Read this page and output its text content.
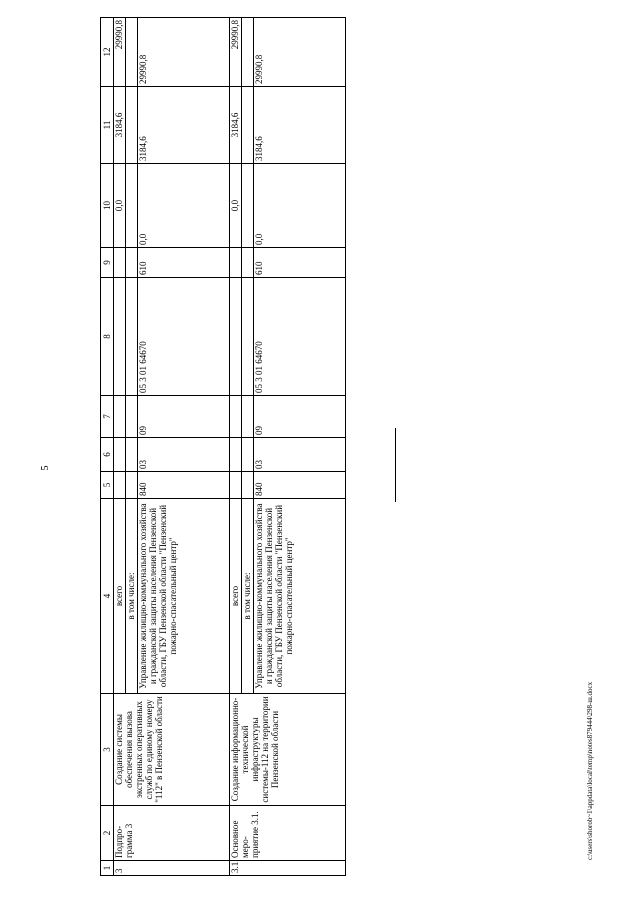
5
1	2	3	4	5	6	7	8	9	10	11	12
3	Подпро-грамма 3	Создание системы обеспечения вызова экстренных оперативных служб по единому номеру "112" в Пензенской области	всего						0,0	3184,6	29990,8
			в том числе:								
			Управление жилищно-коммунального хозяйства и гражданской защиты населения Пензенской области, ГБУ Пензенской области "Пензенский пожарно-спасательный центр"	840	03	09	05 3 01 64670	610	0,0	3184,6	29990,8
3.1.	Основное меро-приятие 3.1.	Создание информационно-технической инфраструктуры системы-112 на территории Пензенской области	всего						0,0	3184,6	29990,8
			в том числе:								
			Управление жилищно-коммунального хозяйства и гражданской защиты населения Пензенской области, ГБУ Пензенской области "Пензенский пожарно-спасательный центр"	840	03	09	05 3 01 64670	610	0,0	3184,6	29990,8
c:\users\shorob~1\appdata\local\temp\notes879444\298-ш.docx
